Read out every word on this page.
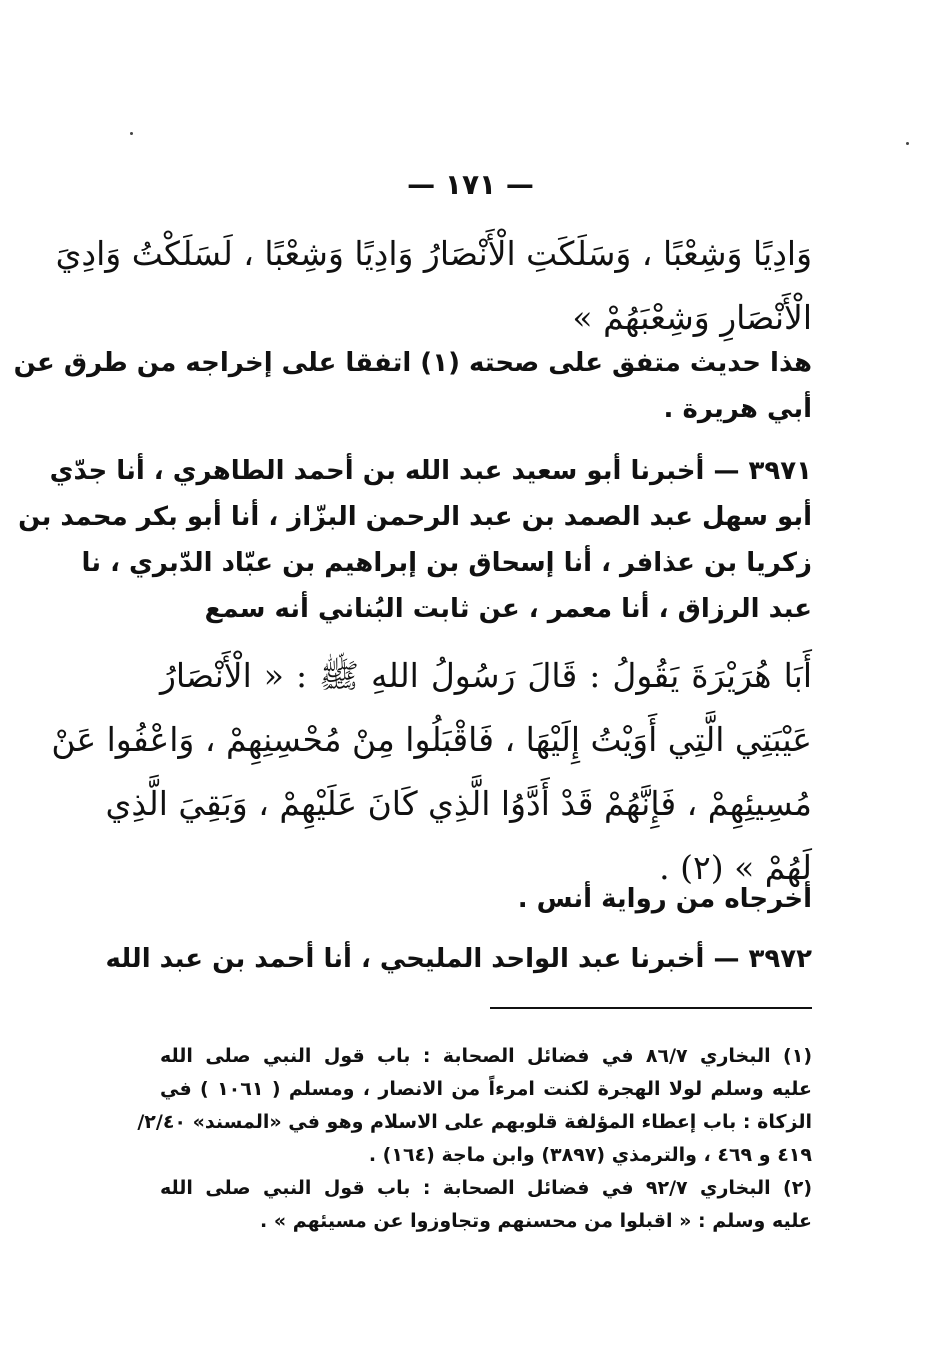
— ١٧١ —
وَادِيًا وَشِعْبًا ، وَسَلَكَتِ الْأَنْصَارُ وَادِيًا وَشِعْبًا ، لَسَلَكْتُ وَادِيَ
الْأَنْصَارِ وَشِعْبَهُمْ »
هذا حديث متفق على صحته (١) اتفقا على إخراجه من طرق عن
أبي هريرة .
٣٩٧١ — أخبرنا أبو سعيد عبد الله بن أحمد الطاهري ، أنا جدّي
أبو سهل عبد الصمد بن عبد الرحمن البزّاز ، أنا أبو بكر محمد بن
زكريا بن عذافر ، أنا إسحاق بن إبراهيم بن عبّاد الدّبري ، نا
عبد الرزاق ، أنا معمر ، عن ثابت البُناني أنه سمع
أَبَا هُرَيْرَةَ يَقُولُ : قَالَ رَسُولُ اللهِ ﷺ : « الْأَنْصَارُ
عَيْبَتِي الَّتِي أَوَيْتُ إِلَيْهَا ، فَاقْبَلُوا مِنْ مُحْسِنِهِمْ ، وَاعْفُوا عَنْ
مُسِيئِهِمْ ، فَإِنَّهُمْ قَدْ أَدَّوُا الَّذِي كَانَ عَلَيْهِمْ ، وَبَقِيَ الَّذِي
لَهُمْ » (٢) .
أخرجاه من رواية أنس .
٣٩٧٢ — أخبرنا عبد الواحد المليحي ، أنا أحمد بن عبد الله
(١) البخاري ٨٦/٧ في فضائل الصحابة : باب قول النبي صلى الله
عليه وسلم لولا الهجرة لكنت امرءاً من الانصار ، ومسلم ( ١٠٦١ ) في
الزكاة : باب إعطاء المؤلفة قلوبهم على الاسلام وهو في «المسند» ٢/٤٠/
٤١٩ و ٤٦٩ ، والترمذي (٣٨٩٧) وابن ماجة (١٦٤) .
(٢) البخاري ٩٢/٧ في فضائل الصحابة : باب قول النبي صلى الله
عليه وسلم : « اقبلوا من محسنهم وتجاوزوا عن مسيئهم » .
